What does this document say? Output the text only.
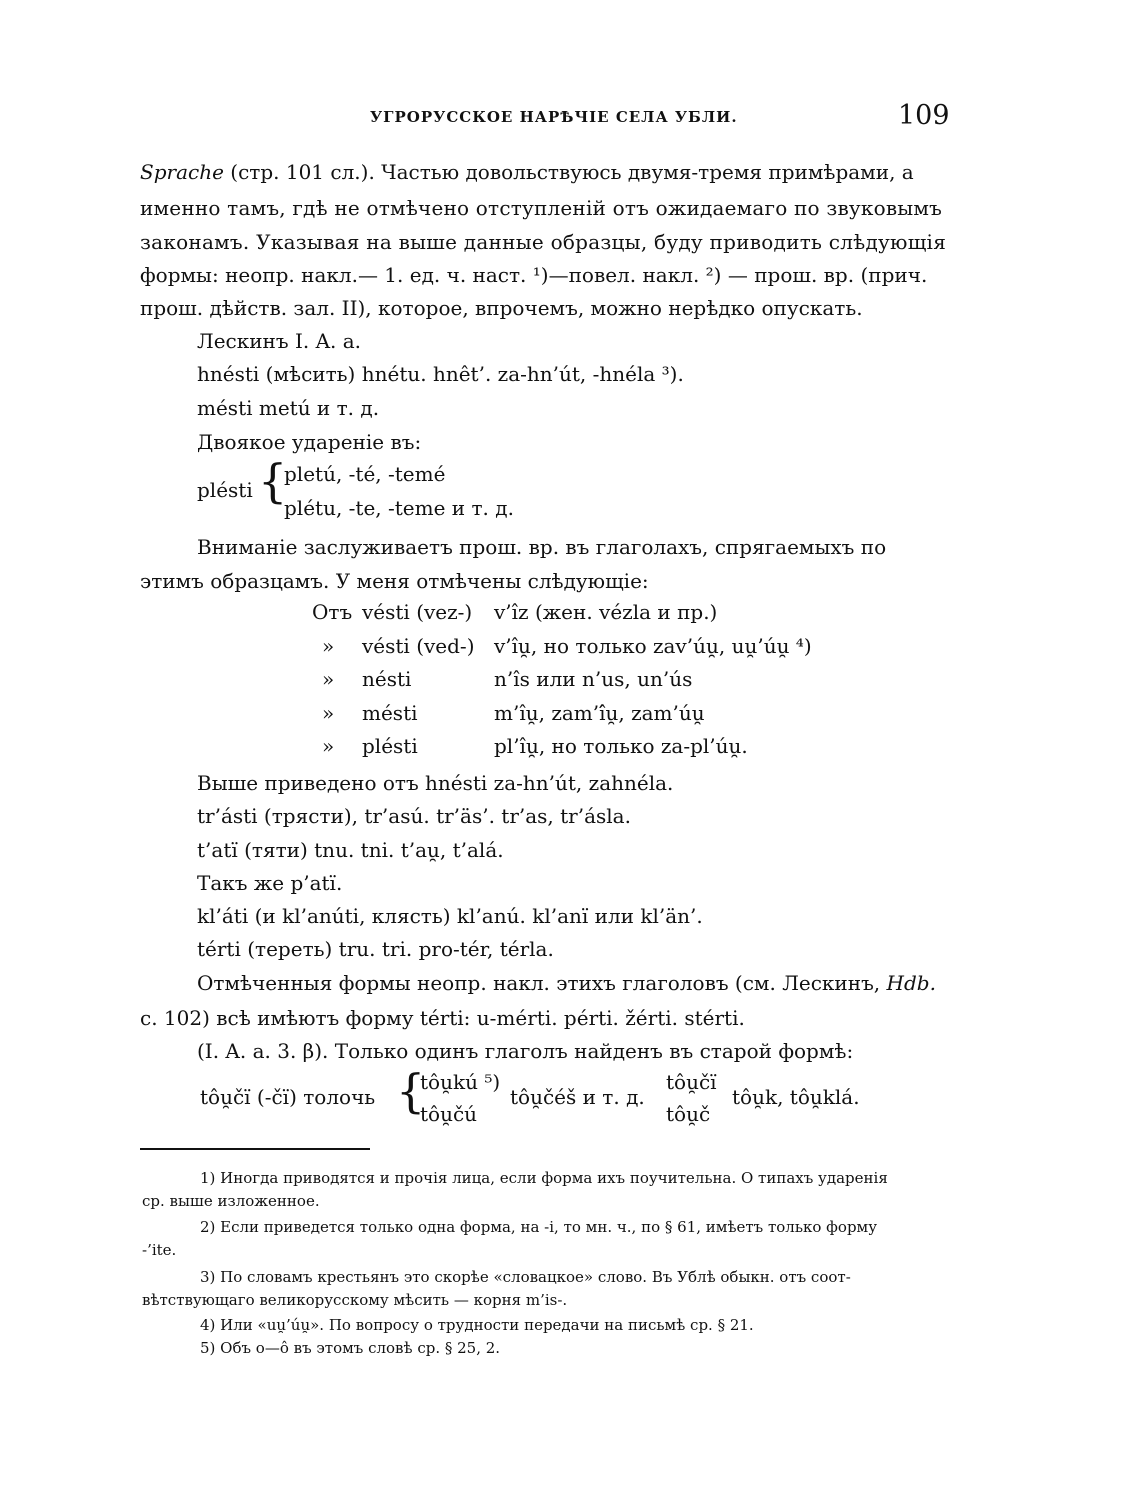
УГРОРУССКОЕ НАРѢЧІЕ СЕЛА УБЛИ.	109
Sprache (стр. 101 сл.). Частью довольствуюсь двумя-тремя примѣрами, а
именно тамъ, гдѣ не отмѣчено отступленій отъ ожидаемаго по звуковымъ
законамъ. Указывая на выше данные образцы, буду приводить слѣдующія
формы: неопр. накл.— 1. ед. ч. наст. ¹)—повел. накл. ²) — прош. вр. (прич.
прош. дѣйств. зал. II), которое, впрочемъ, можно нерѣдко опускать.
Лескинъ I. A. a.
hnésti (мѣсить) hnétu. hnêt’. za-hn’út, -hnéla ³).
mésti metú и т. д.
Двоякое удареніе въ:
plésti {
pletú, -té, -temé
plétu, -te, -teme и т. д.
Вниманіе заслуживаетъ прош. вр. въ глаголахъ, спрягаемыхъ по
этимъ образцамъ. У меня отмѣчены слѣдующіе:
Отъ vésti (vez-) v’îz (жен. vézla и пр.)
» vésti (ved-) v’îu̯, но только zav’úu̯, uu̯’úu̯ ⁴)
» nésti	n’îs или n’us, un’ús
» mésti	m’îu̯, zam’î́u̯, zam’úu̯
» plésti	pl’îu̯, но только za-pl’úu̯.
Выше приведено отъ hnésti za-hn’út, zahnéla.
tr’ásti (трясти), tr’asú. tr’äs’. tr’as, tr’ásla.
t’atї (тяти) tnu. tni. t’au̯, t’alá.
Такъ же p’atї.
kl’áti (и kl’anúti, клясть) kl’anú. kl’anї или kl’än’.
térti (тереть) tru. tri. pro-tér, térla.
Отмѣченныя формы неопр. накл. этихъ глаголовъ (см. Лескинъ, Hdb.
c. 102) всѣ имѣютъ форму térti: u-mérti. pérti. žérti. stérti.
(I. A. a. 3. β). Только одинъ глаголъ найденъ въ старой формѣ:
tôu̯čї (-čї) толочь {
tôu̯kú ⁵)
tôu̯čú
tôu̯čéš и т. д.
tôu̯čї
tôu̯č
tôu̯k, tôu̯klá.
1) Иногда приводятся и прочія лица, если форма ихъ поучительна. О типахъ ударенія
ср. выше изложенное.
2) Если приведется только одна форма, на -i, то мн. ч., по § 61, имѣетъ только форму
-’ite.
3) По словамъ крестьянъ это скорѣе «словацкое» слово. Въ Ублѣ обыкн. отъ соот-
вѣтствующаго великорусскому мѣсить — корня m’is-.
4) Или «uu̯’úu̯». По вопросу о трудности передачи на письмѣ ср. § 21.
5) Объ o—ô въ этомъ словѣ ср. § 25, 2.
